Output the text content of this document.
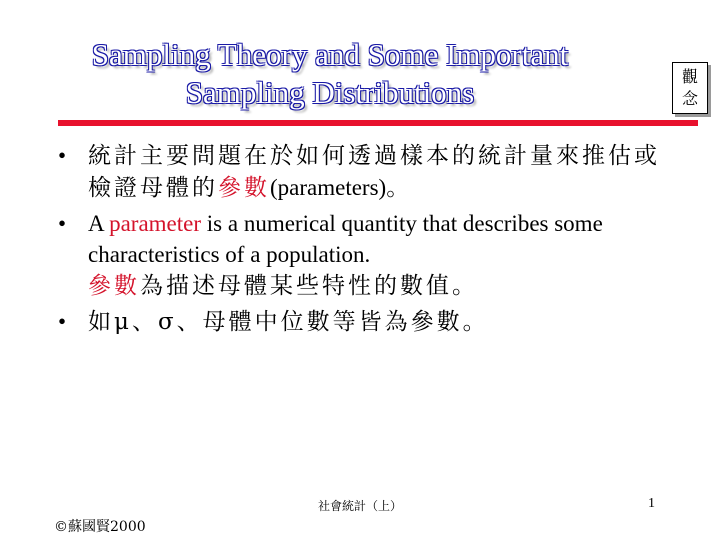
Sampling Theory and Some Important
Sampling Distributions	觀
念
• 統計主要問題在於如何透過樣本的統計量來推估或檢證母體的參數(parameters)。
• A parameter is a numerical quantity that describes some characteristics of a population.
參數為描述母體某些特性的數值。
• 如μ、σ、母體中位數等皆為參數。
社會統計（上）
©蘇國賢2000
1
